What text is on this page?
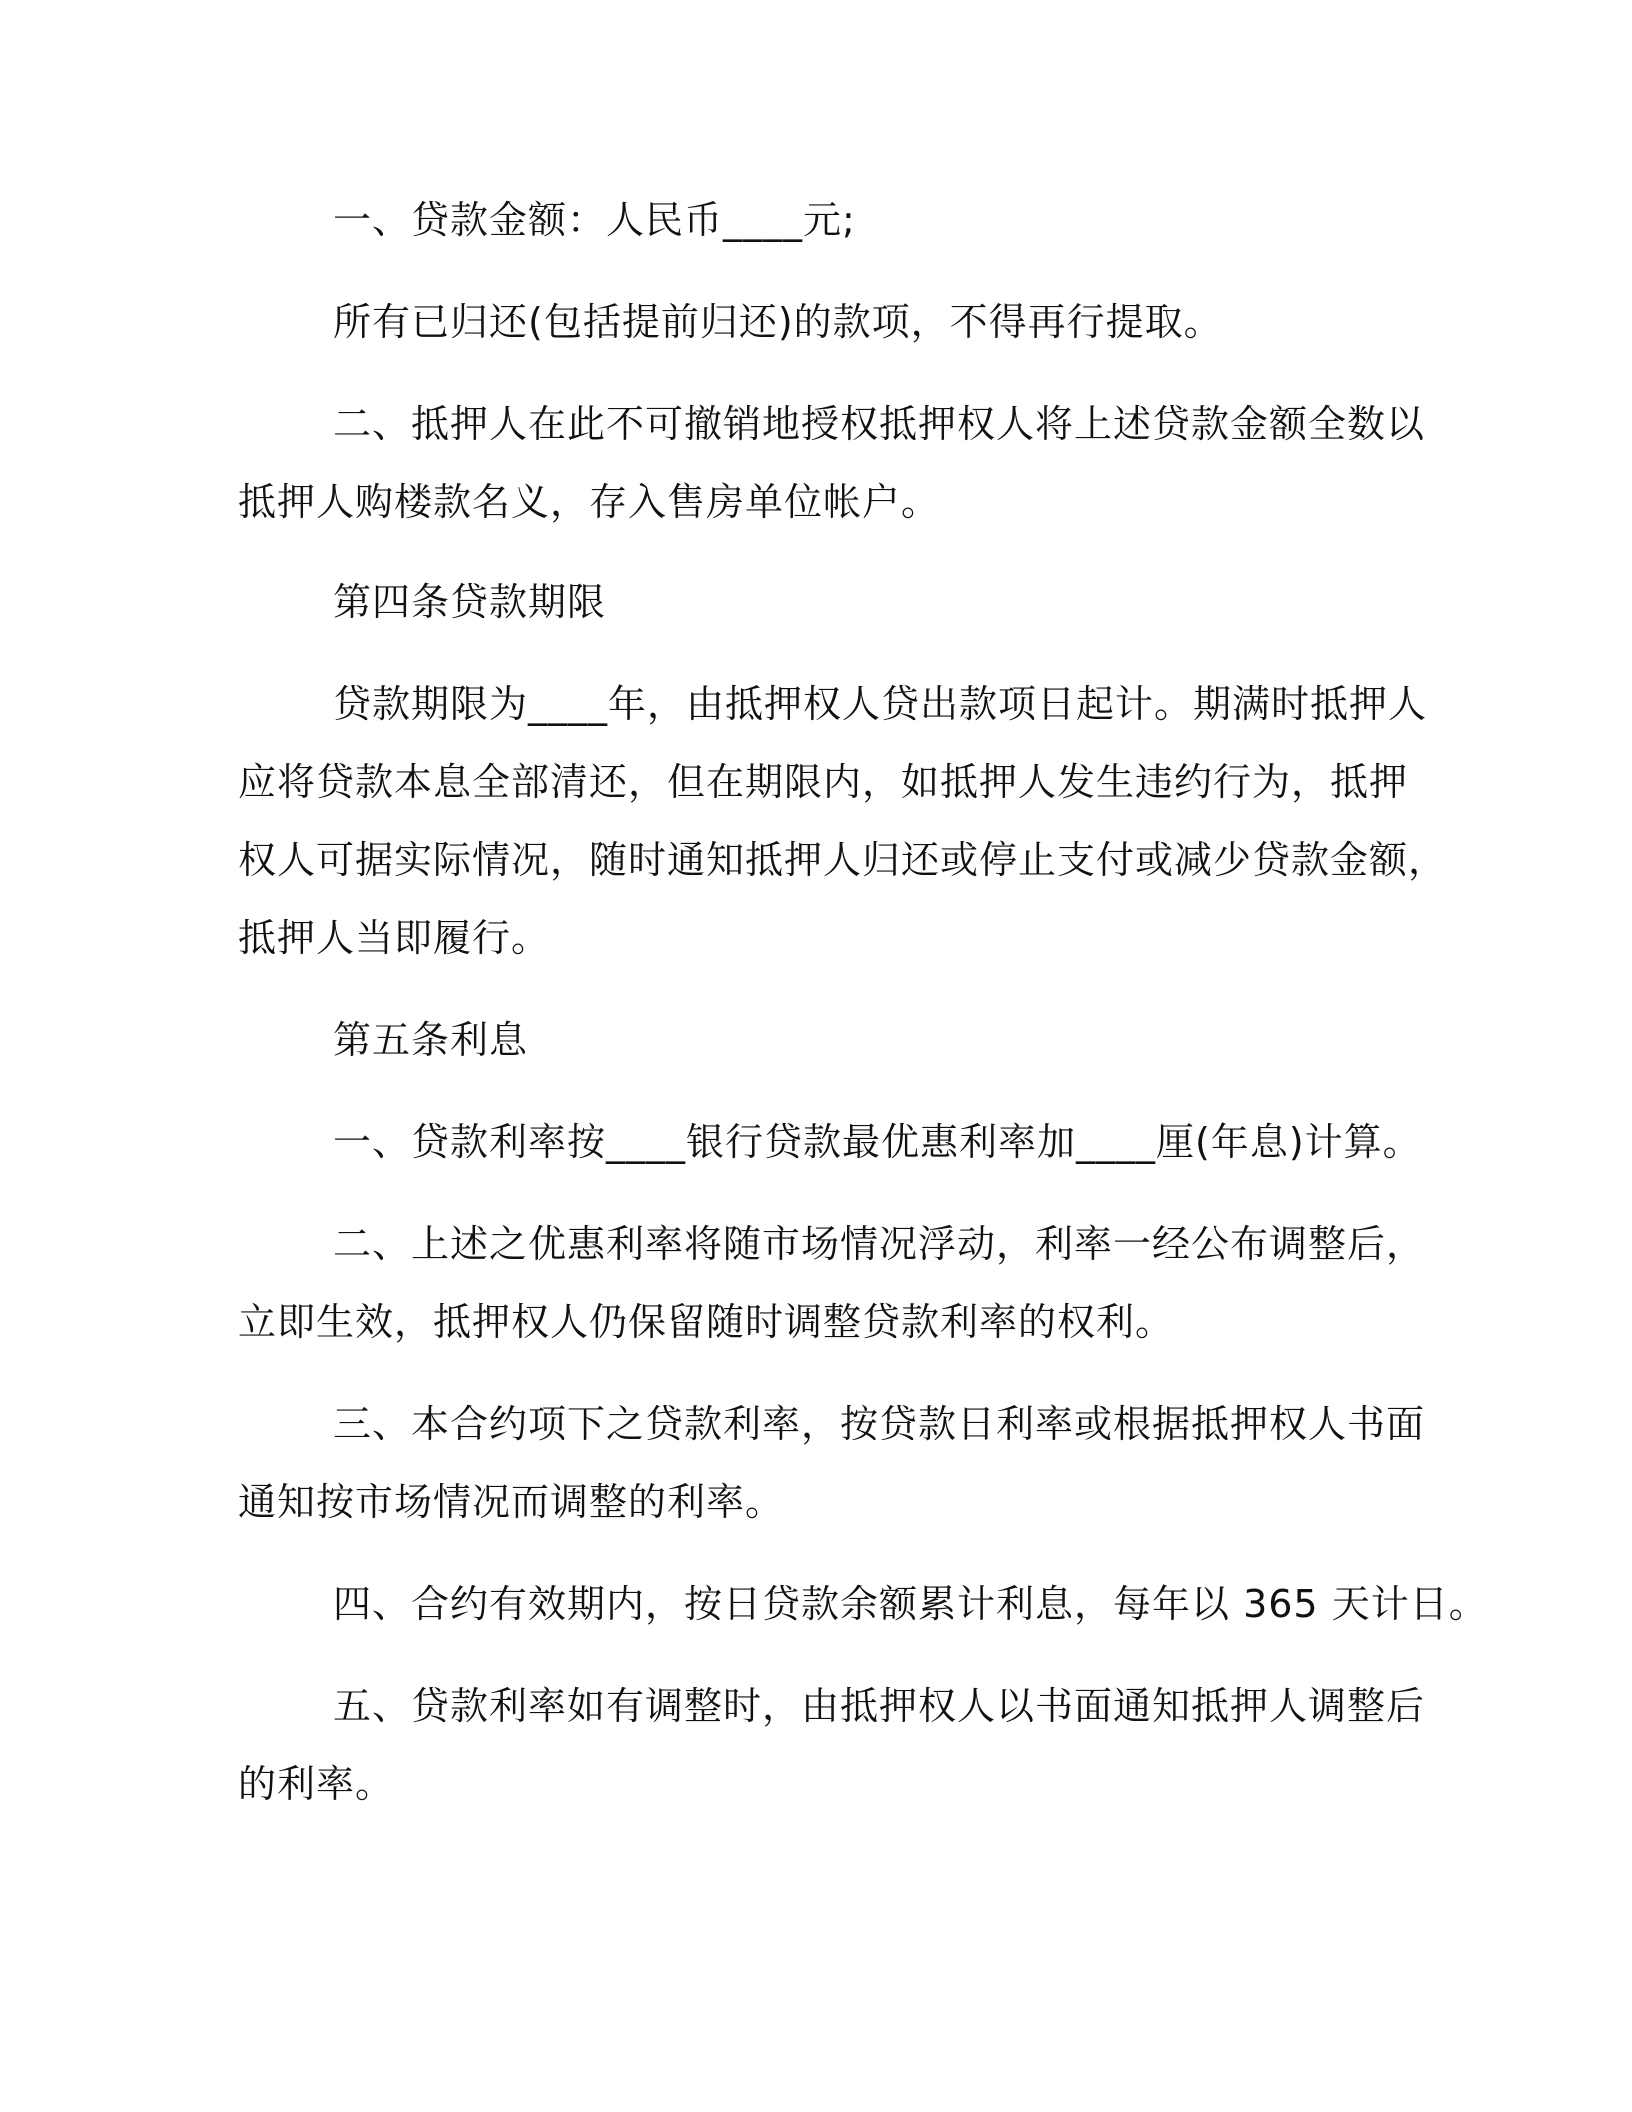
一、贷款金额：人民币____元;
所有已归还(包括提前归还)的款项，不得再行提取。
二、抵押人在此不可撤销地授权抵押权人将上述贷款金额全数以
抵押人购楼款名义，存入售房单位帐户。
第四条贷款期限
贷款期限为____年，由抵押权人贷出款项日起计。期满时抵押人
应将贷款本息全部清还，但在期限内，如抵押人发生违约行为，抵押
权人可据实际情况，随时通知抵押人归还或停止支付或减少贷款金额，
抵押人当即履行。
第五条利息
一、贷款利率按____银行贷款最优惠利率加____厘(年息)计算。
二、上述之优惠利率将随市场情况浮动，利率一经公布调整后，
立即生效，抵押权人仍保留随时调整贷款利率的权利。
三、本合约项下之贷款利率，按贷款日利率或根据抵押权人书面
通知按市场情况而调整的利率。
四、合约有效期内，按日贷款余额累计利息，每年以 365 天计日。
五、贷款利率如有调整时，由抵押权人以书面通知抵押人调整后
的利率。
